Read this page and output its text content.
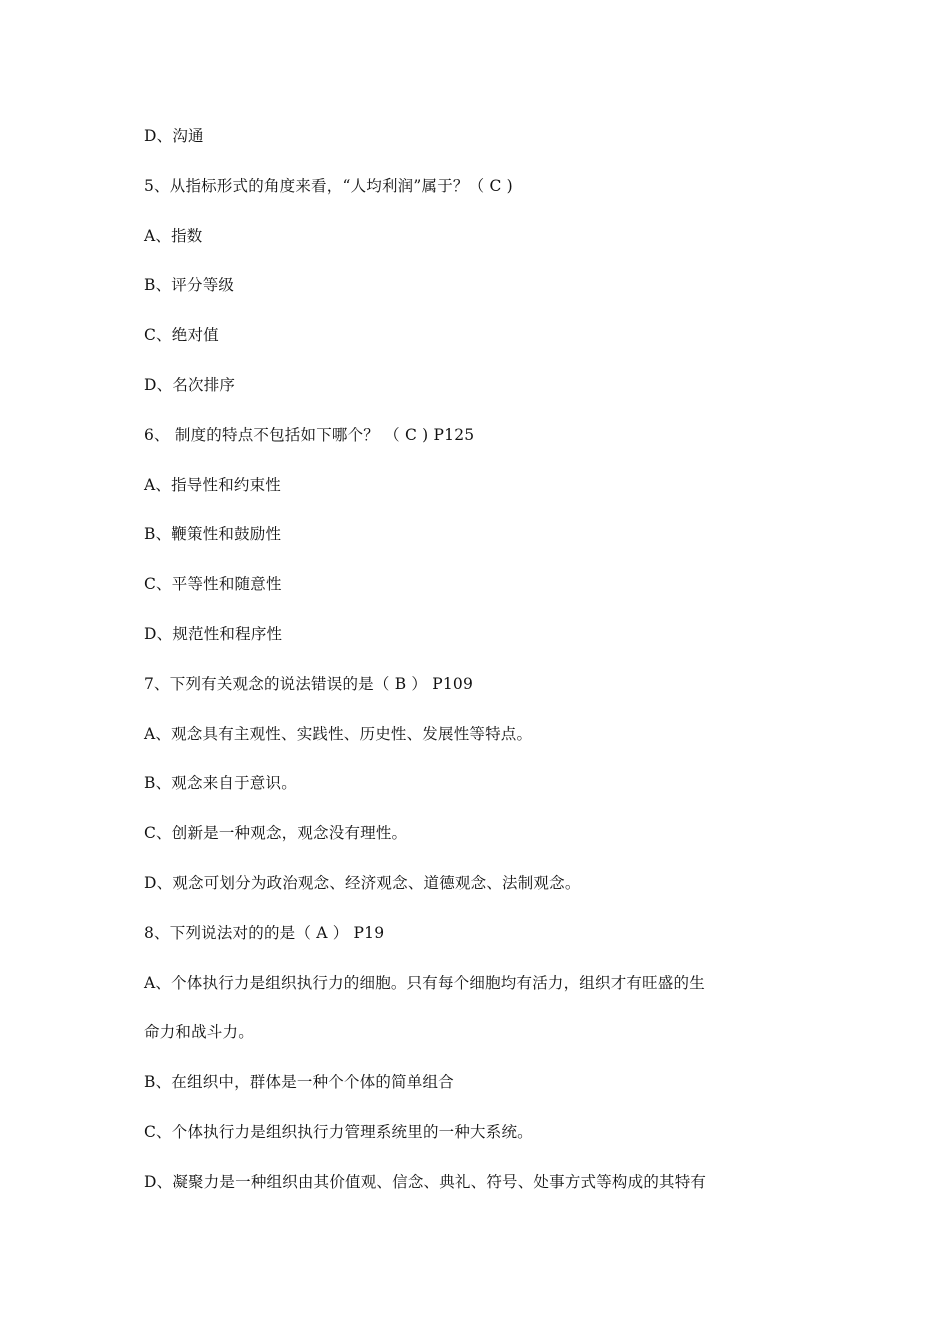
D、沟通
5、从指标形式的角度来看，“人均利润”属于？（ C )
A、指数
B、评分等级
C、绝对值
D、名次排序
6、 制度的特点不包括如下哪个？ （ C ) P125
A、指导性和约束性
B、鞭策性和鼓励性
C、平等性和随意性
D、规范性和程序性
7、下列有关观念的说法错误的是（ B ） P109
A、观念具有主观性、实践性、历史性、发展性等特点。
B、观念来自于意识。
C、创新是一种观念，观念没有理性。
D、观念可划分为政治观念、经济观念、道德观念、法制观念。
8、下列说法对的的是（ A ） P19
A、个体执行力是组织执行力的细胞。只有每个细胞均有活力，组织才有旺盛的生
命力和战斗力。
B、在组织中，群体是一种个个体的简单组合
C、个体执行力是组织执行力管理系统里的一种大系统。
D、凝聚力是一种组织由其价值观、信念、典礼、符号、处事方式等构成的其特有
